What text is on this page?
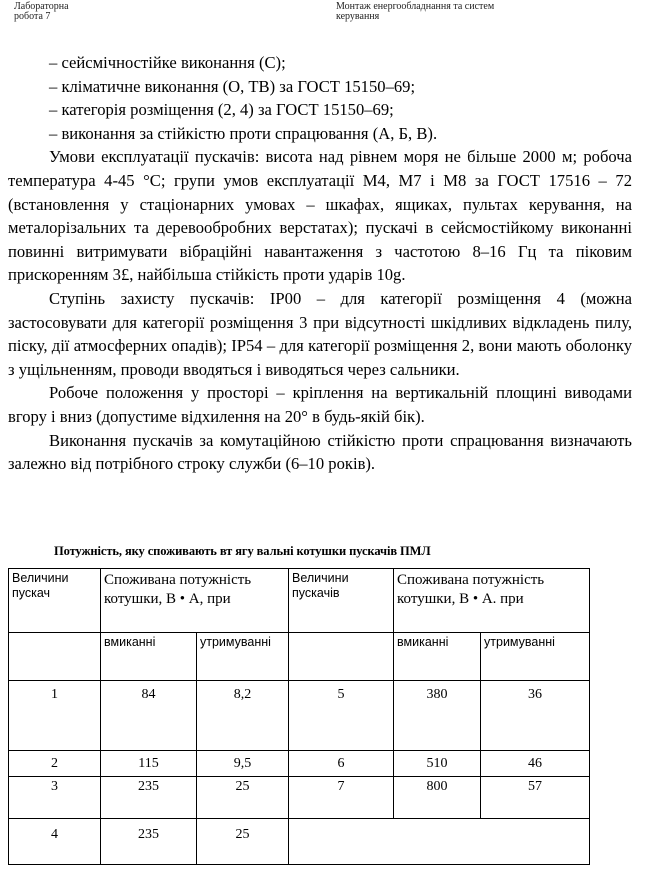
Лабораторна
робота 7
Монтаж енергообладнання та систем
керування
– сейсмічностійке виконання (С);
– кліматичне виконання (О, ТВ) за ГОСТ 15150–69;
– категорія розміщення (2, 4) за ГОСТ 15150–69;
– виконання за стійкістю проти спрацювання (А, Б, В).

Умови експлуатації пускачів: висота над рівнем моря не більше 2000 м; робоча температура 4-45 °С; групи умов експлуатації М4, М7 і М8 за ГОСТ 17516 – 72 (встановлення у стаціонарних умовах – шкафах, ящиках, пультах керування, на металорізальних та деревообробних верстатах); пускачі в сейсмостійкому виконанні повинні витримувати вібраційні навантаження з частотою 8–16 Гц та піковим прискоренням 3£, найбільша стійкість проти ударів 10g.

Ступінь захисту пускачів: ІР00 – для категорії розміщення 4 (можна застосовувати для категорії розміщення 3 при відсутності шкідливих відкладень пилу, піску, дії атмосферних опадів); ІР54 – для категорії розміщення 2, вони мають оболонку з ущільненням, проводи вводяться і виводяться через сальники.

Робоче положення у просторі – кріплення на вертикальній площині виводами вгору і вниз (допустиме відхилення на 20° в будь-якій бік).

Виконання пускачів за комутаційною стійкістю проти спрацювання визначають залежно від потрібного строку служби (6–10 років).

Потужність, яку споживають вт ягу вальні котушки пускачів ПМЛ
Величини пускач	Споживана потужність котушки, В • А, при		Величини пускачів	Споживана потужність котушки, В • А. при	
	вмиканні	утримуванні		вмиканні	утримуванні
1	84	8,2	5	380	36
2	115	9,5	6	510	46
3	235	25	7	800	57
4	235	25			
